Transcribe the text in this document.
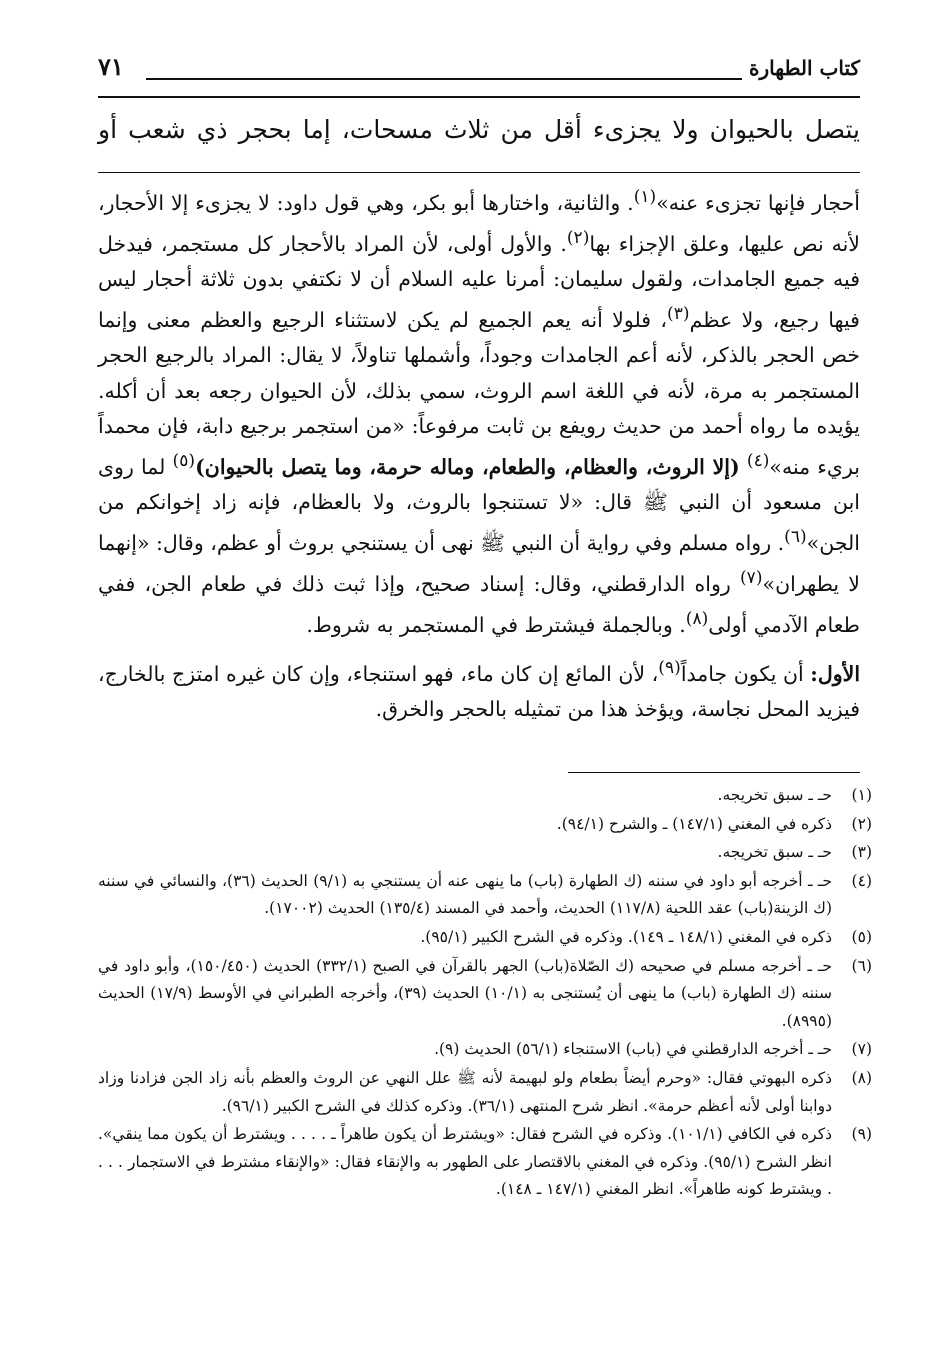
كتاب الطهارة
٧١
يتصل بالحيوان ولا يجزىء أقل من ثلاث مسحات، إما بحجر ذي شعب أو

أحجار فإنها تجزىء عنه»$^{(١)}$. والثانية، واختارها أبو بكر، وهي قول داود: لا يجزىء إلا الأحجار، لأنه نص عليها، وعلق الإجزاء بها$^{(٢)}$. والأول أولى، لأن المراد بالأحجار كل مستجمر، فيدخل فيه جميع الجامدات، ولقول سليمان: أمرنا عليه السلام أن لا نكتفي بدون ثلاثة أحجار ليس فيها رجيع، ولا عظم$^{(٣)}$، فلولا أنه يعم الجميع لم يكن لاستثناء الرجيع والعظم معنى وإنما خص الحجر بالذكر، لأنه أعم الجامدات وجوداً، وأشملها تناولاً، لا يقال: المراد بالرجيع الحجر المستجمر به مرة، لأنه في اللغة اسم الروث، سمي بذلك، لأن الحيوان رجعه بعد أن أكله. يؤيده ما رواه أحمد من حديث رويفع بن ثابت مرفوعاً: «من استجمر برجيع دابة، فإن محمداً بريء منه»$^{(٤)}$ (إلا الروث، والعظام، والطعام، وماله حرمة، وما يتصل بالحيوان)$^{(٥)}$ لما روى ابن مسعود أن النبي ﷺ قال: «لا تستنجوا بالروث، ولا بالعظام، فإنه زاد إخوانكم من الجن»$^{(٦)}$. رواه مسلم وفي رواية أن النبي ﷺ نهى أن يستنجي بروث أو عظم، وقال: «إنهما لا يطهران»$^{(٧)}$ رواه الدارقطني، وقال: إسناد صحيح، وإذا ثبت ذلك في طعام الجن، ففي طعام الآدمي أولى$^{(٨)}$. وبالجملة فيشترط في المستجمر به شروط.

الأول: أن يكون جامداً$^{(٩)}$، لأن المائع إن كان ماء، فهو استنجاء، وإن كان غيره امتزج بالخارج، فيزيد المحل نجاسة، ويؤخذ هذا من تمثيله بالحجر والخرق.

(١)
حـ ـ سبق تخريجه.
(٢)
ذكره في المغني (١٤٧/١) ـ والشرح (٩٤/١).
(٣)
حـ ـ سبق تخريجه.
(٤)
حـ ـ أخرجه أبو داود في سننه (ك الطهارة (باب) ما ينهى عنه أن يستنجي به (٩/١) الحديث (٣٦)، والنسائي في سننه (ك الزينة(باب) عقد اللحية (١١٧/٨) الحديث، وأحمد في المسند (١٣٥/٤) الحديث (١٧٠٠٢).
(٥)
ذكره في المغني (١٤٨/١ ـ ١٤٩). وذكره في الشرح الكبير (٩٥/١).
(٦)
حـ ـ أخرجه مسلم في صحيحه (ك الصّلاة(باب) الجهر بالقرآن في الصبح (٣٣٢/١) الحديث (١٥٠/٤٥٠)، وأبو داود في سننه (ك الطهارة (باب) ما ينهى أن يُستنجى به (١٠/١) الحديث (٣٩)، وأخرجه الطبراني في الأوسط (١٧/٩) الحديث (٨٩٩٥).
(٧)
حـ ـ أخرجه الدارقطني في (باب) الاستنجاء (٥٦/١) الحديث (٩).
(٨)
ذكره البهوتي فقال: «وحرم أيضاً بطعام ولو لبهيمة لأنه ﷺ علل النهي عن الروث والعظم بأنه زاد الجن فزادنا وزاد دوابنا أولى لأنه أعظم حرمة». انظر شرح المنتهى (٣٦/١). وذكره كذلك في الشرح الكبير (٩٦/١).
(٩)
ذكره في الكافي (١٠١/١). وذكره في الشرح فقال: «ويشترط أن يكون طاهراً ـ . . . . ويشترط أن يكون مما ينقي». انظر الشرح (٩٥/١). وذكره في المغني بالاقتصار على الطهور به والإنقاء فقال: «والإنقاء مشترط في الاستجمار . . . . ويشترط كونه طاهراً». انظر المغني (١٤٧/١ ـ ١٤٨).
